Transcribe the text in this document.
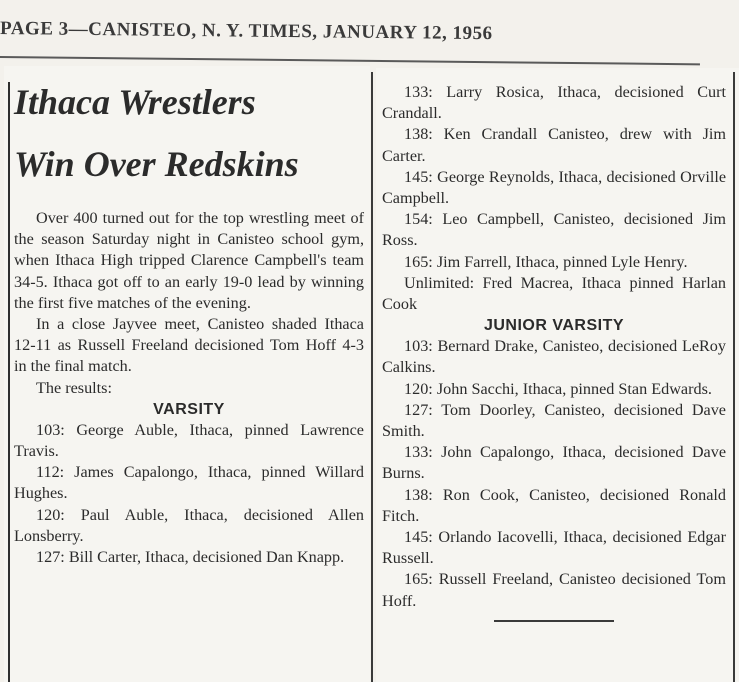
PAGE 3—CANISTEO, N. Y. TIMES, JANUARY 12, 1956
Ithaca Wrestlers
Win Over Redskins

Over 400 turned out for the top wrestling meet of the season Saturday night in Canisteo school gym, when Ithaca High tripped Clarence Campbell's team 34-5. Ithaca got off to an early 19-0 lead by winning the first five matches of the evening.

In a close Jayvee meet, Canisteo shaded Ithaca 12-11 as Russell Freeland decisioned Tom Hoff 4-3 in the final match.

The results:

VARSITY

103: George Auble, Ithaca, pinned Lawrence Travis.

112: James Capalongo, Ithaca, pinned Willard Hughes.

120: Paul Auble, Ithaca, decisioned Allen Lonsberry.

127: Bill Carter, Ithaca, decisioned Dan Knapp.

133: Larry Rosica, Ithaca, decisioned Curt Crandall.

138: Ken Crandall Canisteo, drew with Jim Carter.

145: George Reynolds, Ithaca, decisioned Orville Campbell.

154: Leo Campbell, Canisteo, decisioned Jim Ross.

165: Jim Farrell, Ithaca, pinned Lyle Henry.

Unlimited: Fred Macrea, Ithaca pinned Harlan Cook

JUNIOR VARSITY

103: Bernard Drake, Canisteo, decisioned LeRoy Calkins.

120: John Sacchi, Ithaca, pinned Stan Edwards.

127: Tom Doorley, Canisteo, decisioned Dave Smith.

133: John Capalongo, Ithaca, decisioned Dave Burns.

138: Ron Cook, Canisteo, decisioned Ronald Fitch.

145: Orlando Iacovelli, Ithaca, decisioned Edgar Russell.

165: Russell Freeland, Canisteo decisioned Tom Hoff.
